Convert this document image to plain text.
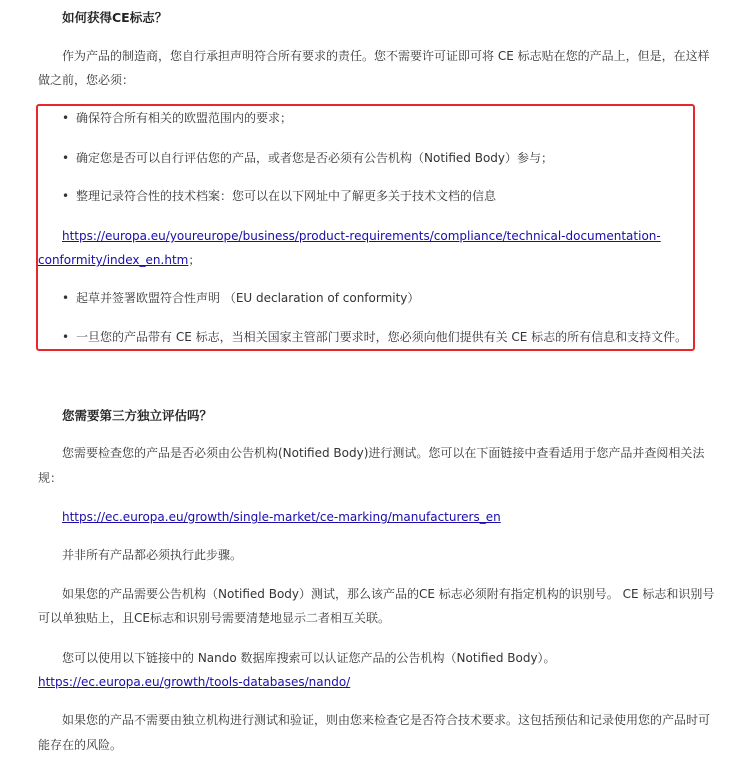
如何获得CE标志？
作为产品的制造商，您自行承担声明符合所有要求的责任。您不需要许可证即可将 CE 标志贴在您的产品上，但是，在这样
做之前，您必须：
• 确保符合所有相关的欧盟范围内的要求；
• 确定您是否可以自行评估您的产品，或者您是否必须有公告机构（Notified Body）参与；
• 整理记录符合性的技术档案：您可以在以下网址中了解更多关于技术文档的信息
https://europa.eu/youreurope/business/product-requirements/compliance/technical-documentation-
conformity/index_en.htm；
• 起草并签署欧盟符合性声明 （EU declaration of conformity）
• 一旦您的产品带有 CE 标志，当相关国家主管部门要求时，您必须向他们提供有关 CE 标志的所有信息和支持文件。
您需要第三方独立评估吗？
您需要检查您的产品是否必须由公告机构(Notified Body)进行测试。您可以在下面链接中查看适用于您产品并查阅相关法
规：
https://ec.europa.eu/growth/single-market/ce-marking/manufacturers_en
并非所有产品都必须执行此步骤。
如果您的产品需要公告机构（Notified Body）测试，那么该产品的CE 标志必须附有指定机构的识别号。 CE 标志和识别号
可以单独贴上，且CE标志和识别号需要清楚地显示二者相互关联。
您可以使用以下链接中的 Nando 数据库搜索可以认证您产品的公告机构（Notified Body）。
https://ec.europa.eu/growth/tools-databases/nando/
如果您的产品不需要由独立机构进行测试和验证，则由您来检查它是否符合技术要求。这包括预估和记录使用您的产品时可
能存在的风险。
